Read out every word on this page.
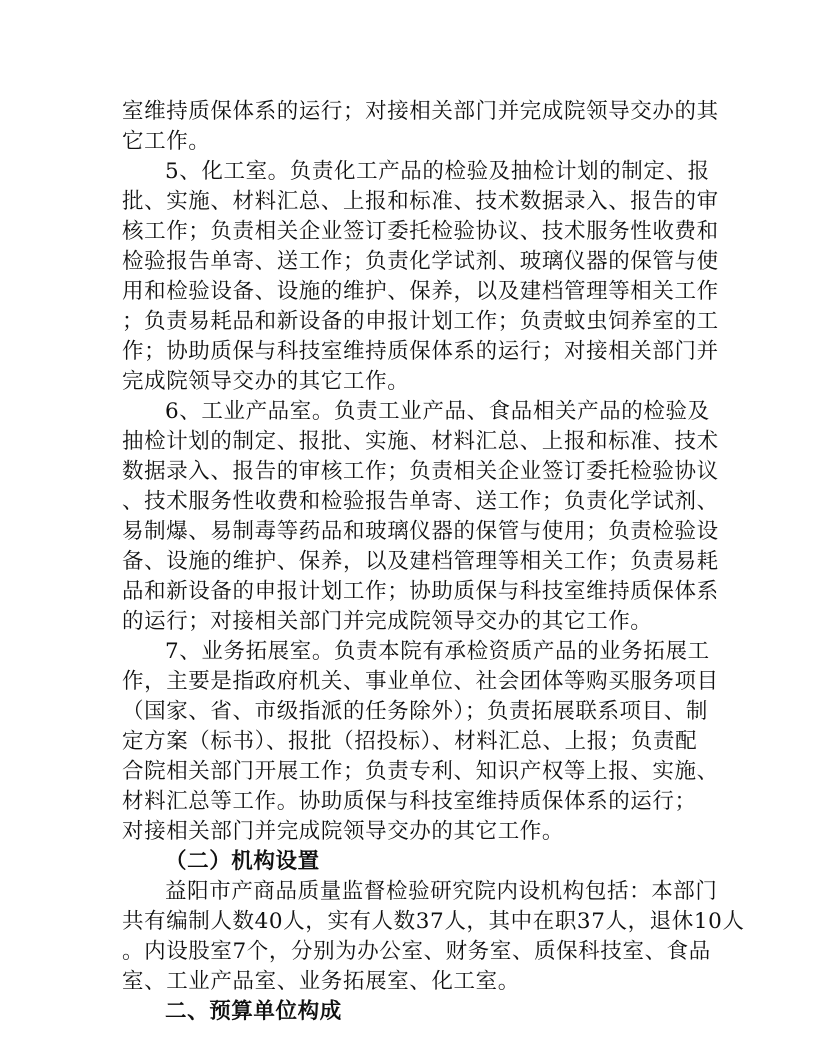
室维持质保体系的运行；对接相关部门并完成院领导交办的其
它工作。
5、化工室。负责化工产品的检验及抽检计划的制定、报
批、实施、材料汇总、上报和标准、技术数据录入、报告的审
核工作；负责相关企业签订委托检验协议、技术服务性收费和
检验报告单寄、送工作；负责化学试剂、玻璃仪器的保管与使
用和检验设备、设施的维护、保养，以及建档管理等相关工作
；负责易耗品和新设备的申报计划工作；负责蚊虫饲养室的工
作；协助质保与科技室维持质保体系的运行；对接相关部门并
完成院领导交办的其它工作。
6、工业产品室。负责工业产品、食品相关产品的检验及
抽检计划的制定、报批、实施、材料汇总、上报和标准、技术
数据录入、报告的审核工作；负责相关企业签订委托检验协议
、技术服务性收费和检验报告单寄、送工作；负责化学试剂、
易制爆、易制毒等药品和玻璃仪器的保管与使用；负责检验设
备、设施的维护、保养，以及建档管理等相关工作；负责易耗
品和新设备的申报计划工作；协助质保与科技室维持质保体系
的运行；对接相关部门并完成院领导交办的其它工作。
7、业务拓展室。负责本院有承检资质产品的业务拓展工
作，主要是指政府机关、事业单位、社会团体等购买服务项目
（国家、省、市级指派的任务除外）；负责拓展联系项目、制
定方案（标书）、报批（招投标）、材料汇总、上报；负责配
合院相关部门开展工作；负责专利、知识产权等上报、实施、
材料汇总等工作。协助质保与科技室维持质保体系的运行；
对接相关部门并完成院领导交办的其它工作。
（二）机构设置
益阳市产商品质量监督检验研究院内设机构包括：本部门
共有编制人数40人，实有人数37人，其中在职37人，退休10人
。内设股室7个，分别为办公室、财务室、质保科技室、食品
室、工业产品室、业务拓展室、化工室。
二、预算单位构成
